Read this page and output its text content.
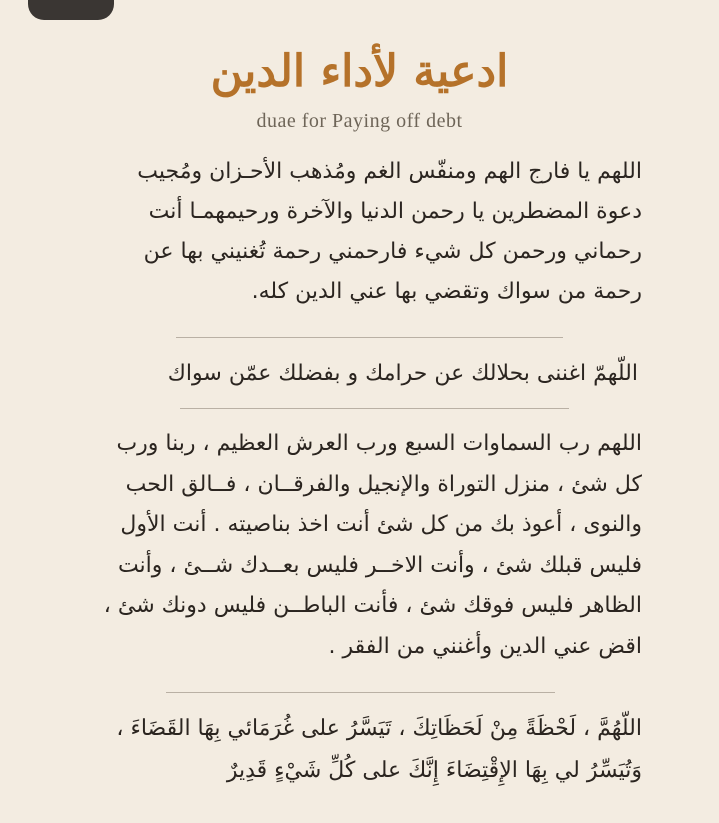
ادعية لأداء الدين
duae for Paying off debt
اللهم يا فارج الهم ومنفّس الغم ومُذهب الأحـزان ومُجيب
دعوة المضطرين يا رحمن الدنيا والآخرة ورحيمهمـا أنت
رحماني ورحمن كل شيء فارحمني رحمة تُغنيني بها عن
رحمة من سواك وتقضي بها عني الدين كله.
اللّهمّ اغننى بحلالك عن حرامك و بفضلك عمّن سواك
اللهم رب السماوات السبع ورب العرش العظيم ، ربنا ورب
كل شئ ، منزل التوراة والإنجيل والفرقــان ، فــالق الحب
والنوى ، أعوذ بك من كل شئ أنت اخذ بناصيته . أنت الأول
فليس قبلك شئ ، وأنت الاخــر فليس بعــدك شــئ ، وأنت
الظاهر فليس فوقك شئ ، فأنت الباطــن فليس دونك شئ ،
اقض عني الدين وأغنني من الفقر .
اللّهُمَّ ، لَحْظَةً مِنْ لَحَظَاتِكَ ، تَيَسَّرُ على غُرَمَائي بِهَا القَضَاءَ ،
وَتُيَسِّرُ لي بِهَا الإِقْتِضَاءَ إِنَّكَ على كُلِّ شَيْءٍ قَدِيرٌ
